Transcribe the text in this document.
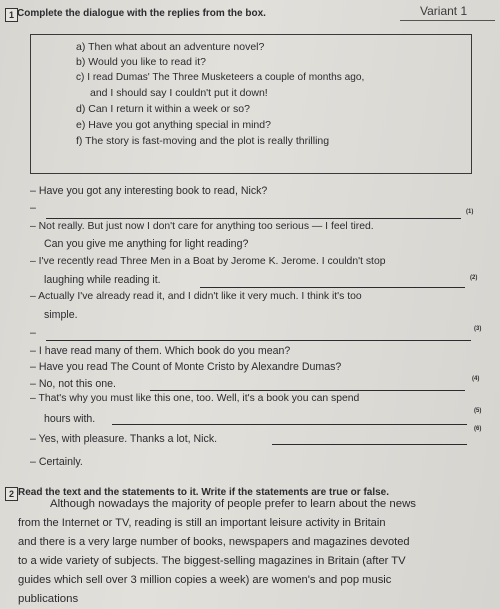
Variant 1
1 Complete the dialogue with the replies from the box.
a) Then what about an adventure novel?
b) Would you like to read it?
c) I read Dumas' The Three Musketeers a couple of months ago,
and I should say I couldn't put it down!
d) Can I return it within a week or so?
e) Have you got anything special in mind?
f) The story is fast-moving and the plot is really thrilling
– Have you got any interesting book to read, Nick?
–	(1)
– Not really. But just now I don't care for anything too serious — I feel tired.
Can you give me anything for light reading?
– I've recently read Three Men in a Boat by Jerome K. Jerome. I couldn't stop
laughing while reading it.	(2)
– Actually I've already read it, and I didn't like it very much. I think it's too
simple.
–	(3)
– I have read many of them. Which book do you mean?
– Have you read The Count of Monte Cristo by Alexandre Dumas?
– No, not this one.	(4)
– That's why you must like this one, too. Well, it's a book you can spend
hours with.
(5)
– Yes, with pleasure. Thanks a lot, Nick.
(6)
– Certainly.
2 Read the text and the statements to it. Write if the statements are true or false.
Although nowadays the majority of people prefer to learn about the news
from the Internet or TV, reading is still an important leisure activity in Britain
and there is a very large number of books, newspapers and magazines devoted
to a wide variety of subjects. The biggest-selling magazines in Britain (after TV
guides which sell over 3 million copies a week) are women's and pop music
publications
